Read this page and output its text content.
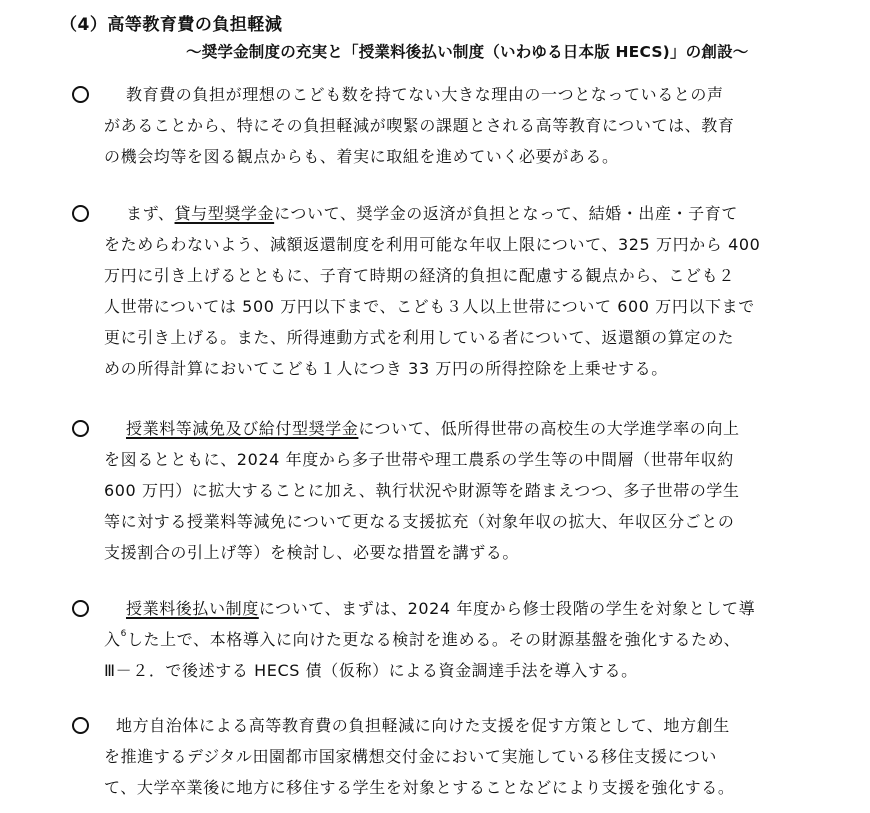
（4）高等教育費の負担軽減
～奨学金制度の充実と「授業料後払い制度（いわゆる日本版 HECS)」の創設～
教育費の負担が理想のこども数を持てない大きな理由の一つとなっているとの声
があることから、特にその負担軽減が喫緊の課題とされる高等教育については、教育
の機会均等を図る観点からも、着実に取組を進めていく必要がある。
まず、貸与型奨学金について、奨学金の返済が負担となって、結婚・出産・子育て
をためらわないよう、減額返還制度を利用可能な年収上限について、325 万円から 400
万円に引き上げるとともに、子育て時期の経済的負担に配慮する観点から、こども２
人世帯については 500 万円以下まで、こども３人以上世帯について 600 万円以下まで
更に引き上げる。また、所得連動方式を利用している者について、返還額の算定のた
めの所得計算においてこども１人につき 33 万円の所得控除を上乗せする。
授業料等減免及び給付型奨学金について、低所得世帯の高校生の大学進学率の向上
を図るとともに、2024 年度から多子世帯や理工農系の学生等の中間層（世帯年収約
600 万円）に拡大することに加え、執行状況や財源等を踏まえつつ、多子世帯の学生
等に対する授業料等減免について更なる支援拡充（対象年収の拡大、年収区分ごとの
支援割合の引上げ等）を検討し、必要な措置を講ずる。
授業料後払い制度について、まずは、2024 年度から修士段階の学生を対象として導
入$^6$した上で、本格導入に向けた更なる検討を進める。その財源基盤を強化するため、
Ⅲ－２．で後述する HECS 債（仮称）による資金調達手法を導入する。
地方自治体による高等教育費の負担軽減に向けた支援を促す方策として、地方創生
を推進するデジタル田園都市国家構想交付金において実施している移住支援につい
て、大学卒業後に地方に移住する学生を対象とすることなどにより支援を強化する。
